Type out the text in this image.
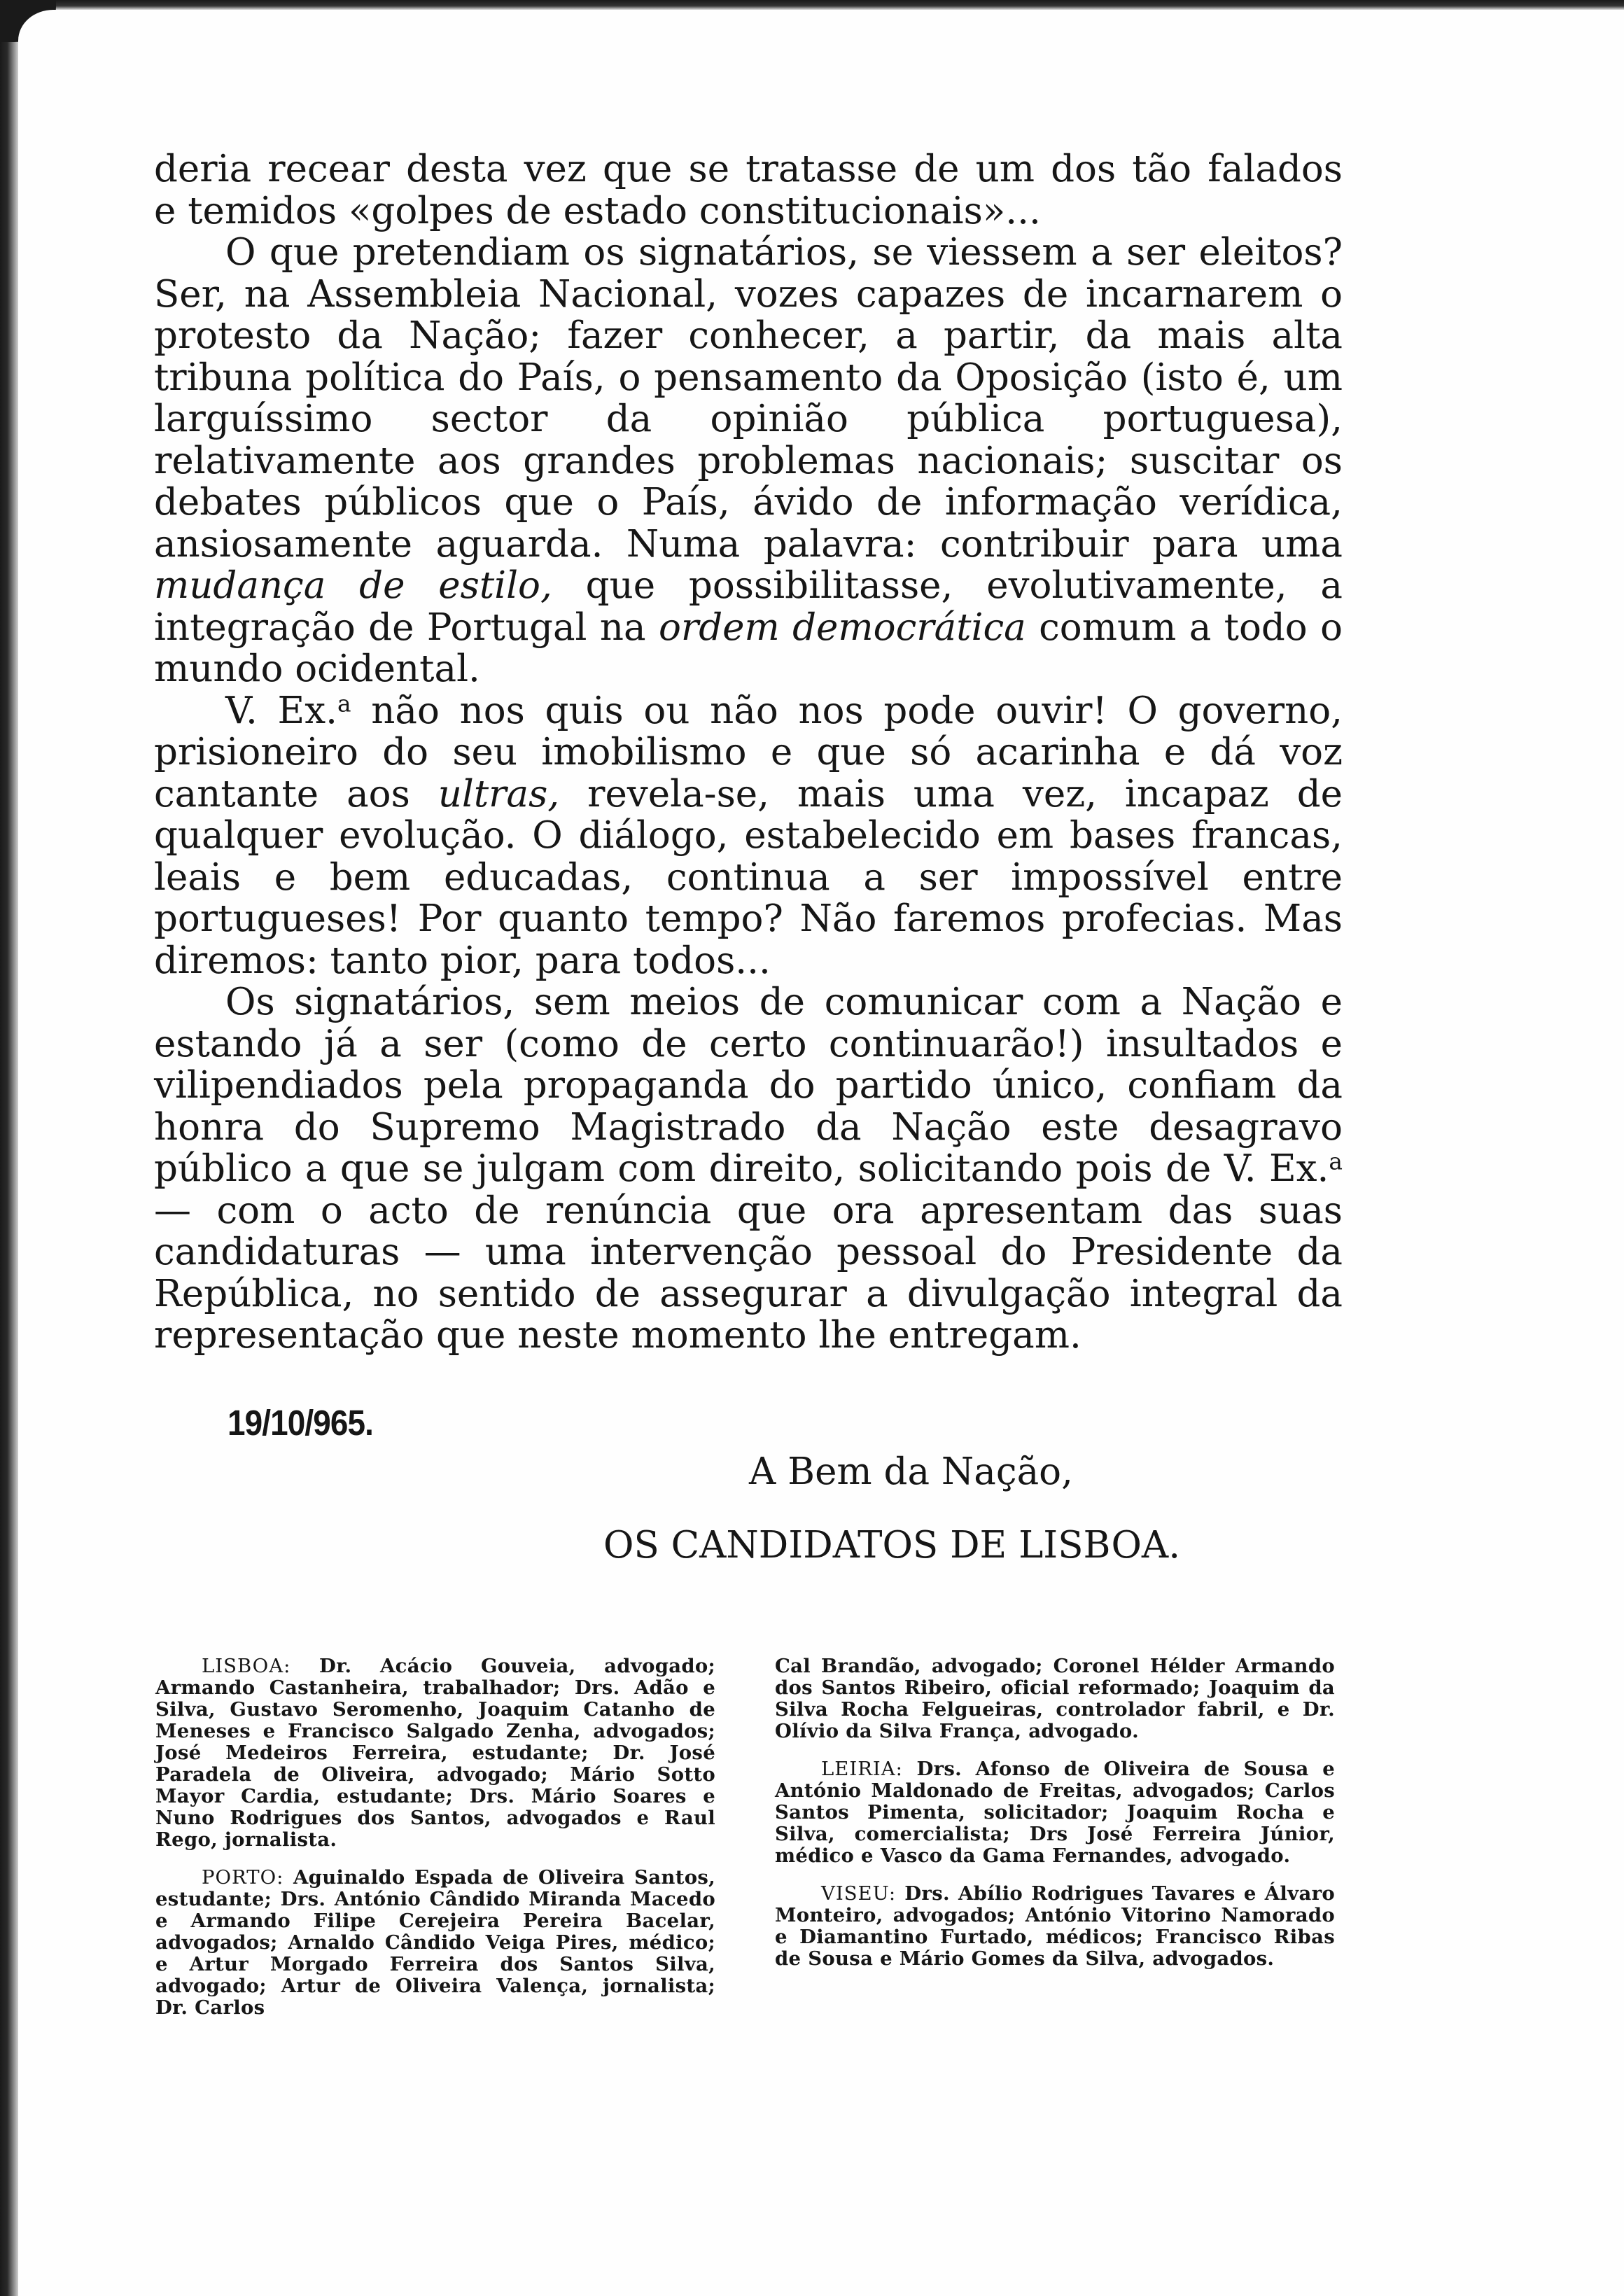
deria recear desta vez que se tratasse de um dos tão falados

e temidos «golpes de estado constitucionais»...

O que pretendiam os signatários, se viessem a ser eleitos? Ser, na Assembleia Nacional, vozes capazes de incarnarem o protesto da Nação; fazer conhecer, a partir, da mais alta tribuna política do País, o pensamento da Oposição (isto é, um larguíssimo sector da opinião pública portuguesa), relativamente aos grandes problemas nacionais; suscitar os debates públicos que o País, ávido de informação verídica, ansiosamente aguarda. Numa palavra: contribuir para uma mudança de estilo, que possibilitasse, evolutivamente, a integração de Portugal na ordem democrática comum a todo o mundo ocidental.

V. Ex.$^a$ não nos quis ou não nos pode ouvir! O governo, prisioneiro do seu imobilismo e que só acarinha e dá voz cantante aos ultras, revela-se, mais uma vez, incapaz de qualquer evolução. O diálogo, estabelecido em bases francas, leais e bem educadas, continua a ser impossível entre portugueses! Por quanto tempo? Não faremos profecias. Mas diremos: tanto pior, para todos...

Os signatários, sem meios de comunicar com a Nação e estando já a ser (como de certo continuarão!) insultados e vilipendiados pela propaganda do partido único, confiam da honra do Supremo Magistrado da Nação este desagravo público a que se julgam com direito, solicitando pois de V. Ex.$^a$ — com o acto de renúncia que ora apresentam das suas candidaturas — uma intervenção pessoal do Presidente da República, no sentido de assegurar a divulgação integral da representação que neste momento lhe entregam.

19/10/965.
A Bem da Nação,
OS CANDIDATOS DE LISBOA.

LISBOA: Dr. Acácio Gouveia, advogado; Armando Castanheira, trabalhador; Drs. Adão e Silva, Gustavo Seromenho, Joaquim Catanho de Meneses e Francisco Salgado Zenha, advogados; José Medeiros Ferreira, estudante; Dr. José Paradela de Oliveira, advogado; Mário Sotto Mayor Cardia, estudante; Drs. Mário Soares e Nuno Rodrigues dos Santos, advogados e Raul Rego, jornalista.

PORTO: Aguinaldo Espada de Oliveira Santos, estudante; Drs. António Cândido Miranda Macedo e Armando Filipe Cerejeira Pereira Bacelar, advogados; Arnaldo Cândido Veiga Pires, médico; e Artur Morgado Ferreira dos Santos Silva, advogado; Artur de Oliveira Valença, jornalista; Dr. Carlos

Cal Brandão, advogado; Coronel Hélder Armando dos Santos Ribeiro, oficial reformado; Joaquim da Silva Rocha Felgueiras, controlador fabril, e Dr. Olívio da Silva França, advogado.

LEIRIA: Drs. Afonso de Oliveira de Sousa e António Maldonado de Freitas, advogados; Carlos Santos Pimenta, solicitador; Joaquim Rocha e Silva, comercialista; Drs José Ferreira Júnior, médico e Vasco da Gama Fernandes, advogado.

VISEU: Drs. Abílio Rodrigues Tavares e Álvaro Monteiro, advogados; António Vitorino Namorado e Diamantino Furtado, médicos; Francisco Ribas de Sousa e Mário Gomes da Silva, advogados.
